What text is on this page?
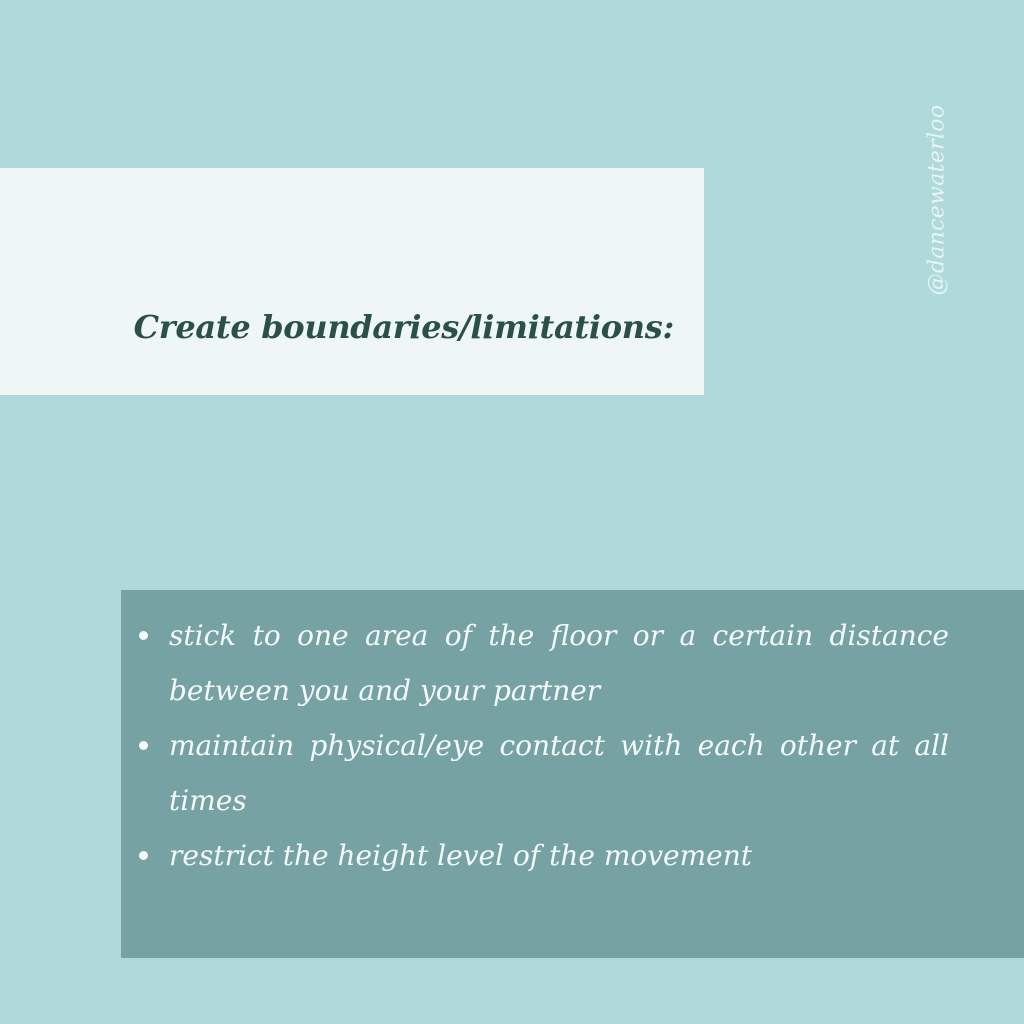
Create boundaries/limitations:
@dancewaterloo
stick to one area of the floor or a certain distance between you and your partner
maintain physical/eye contact with each other at all times
restrict the height level of the movement
